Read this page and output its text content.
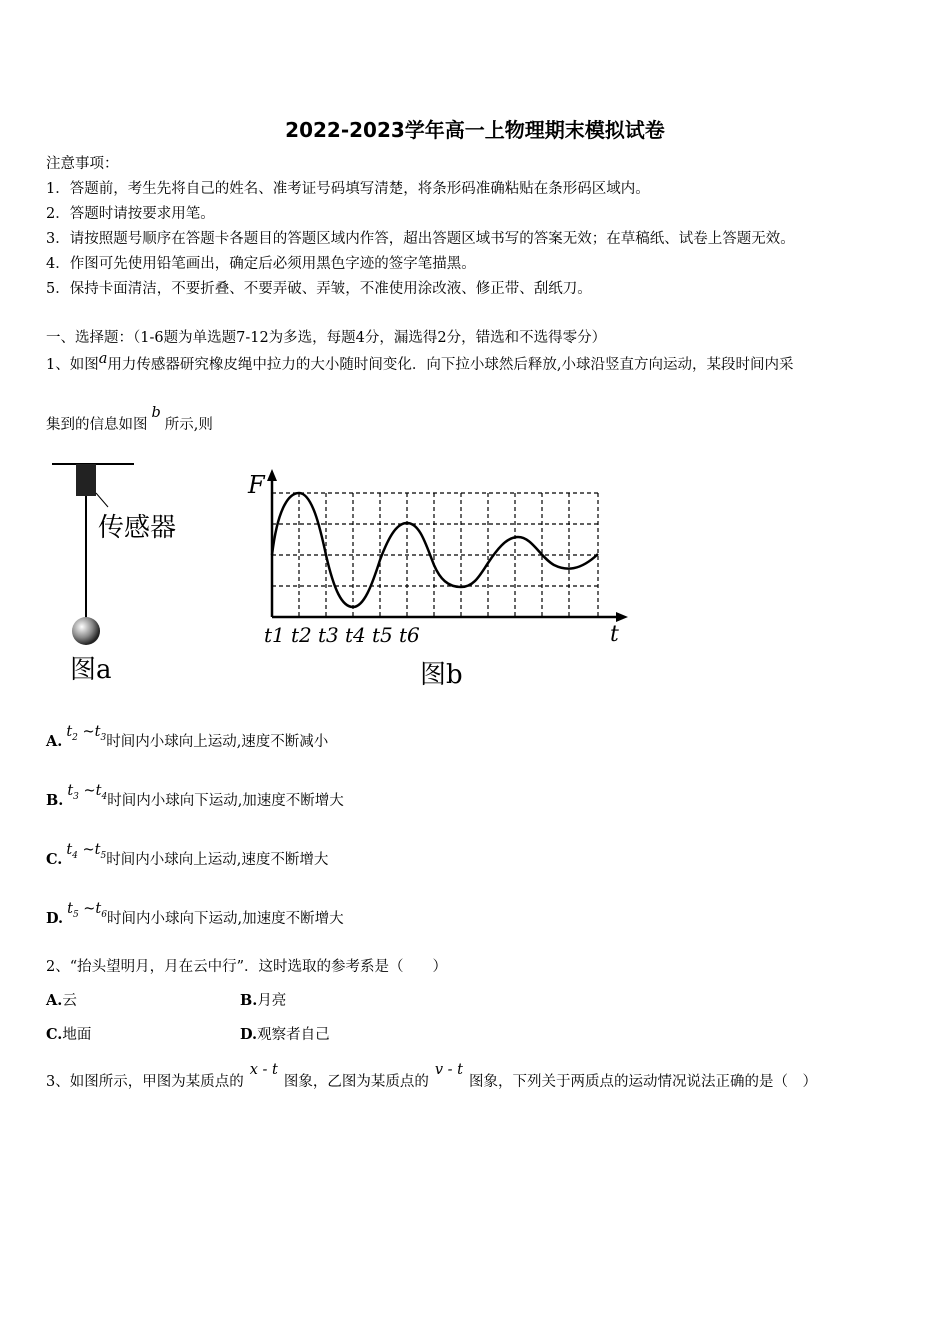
2022-2023学年高一上物理期末模拟试卷
注意事项：
1．答题前，考生先将自己的姓名、准考证号码填写清楚，将条形码准确粘贴在条形码区域内。
2．答题时请按要求用笔。
3．请按照题号顺序在答题卡各题目的答题区域内作答，超出答题区域书写的答案无效；在草稿纸、试卷上答题无效。
4．作图可先使用铅笔画出，确定后必须用黑色字迹的签字笔描黑。
5．保持卡面清洁，不要折叠、不要弄破、弄皱，不准使用涂改液、修正带、刮纸刀。
一、选择题：（1-6题为单选题7-12为多选，每题4分，漏选得2分，错选和不选得零分）
1、如图a用力传感器研究橡皮绳中拉力的大小随时间变化．向下拉小球然后释放,小球沿竖直方向运动，某段时间内采
集到的信息如图b所示,则
传感器
图a
F
t
t1 t2 t3 t4 t5 t6
图b
$A.t_2$ $\sim t_3$时间内小球向上运动,速度不断减小
$B.t_3$ $\sim t_4$时间内小球向下运动,加速度不断增大
$C.t_4$ $\sim t_5$时间内小球向上运动,速度不断增大
$D.t_5$ $\sim t_6$时间内小球向下运动,加速度不断增大
2、“抬头望明月，月在云中行”．这时选取的参考系是（　　）
A.云	B.月亮
C.地面	D.观察者自己
3、如图所示，甲图为某质点的x - t图象，乙图为某质点的v - t图象，下列关于两质点的运动情况说法正确的是（　）
